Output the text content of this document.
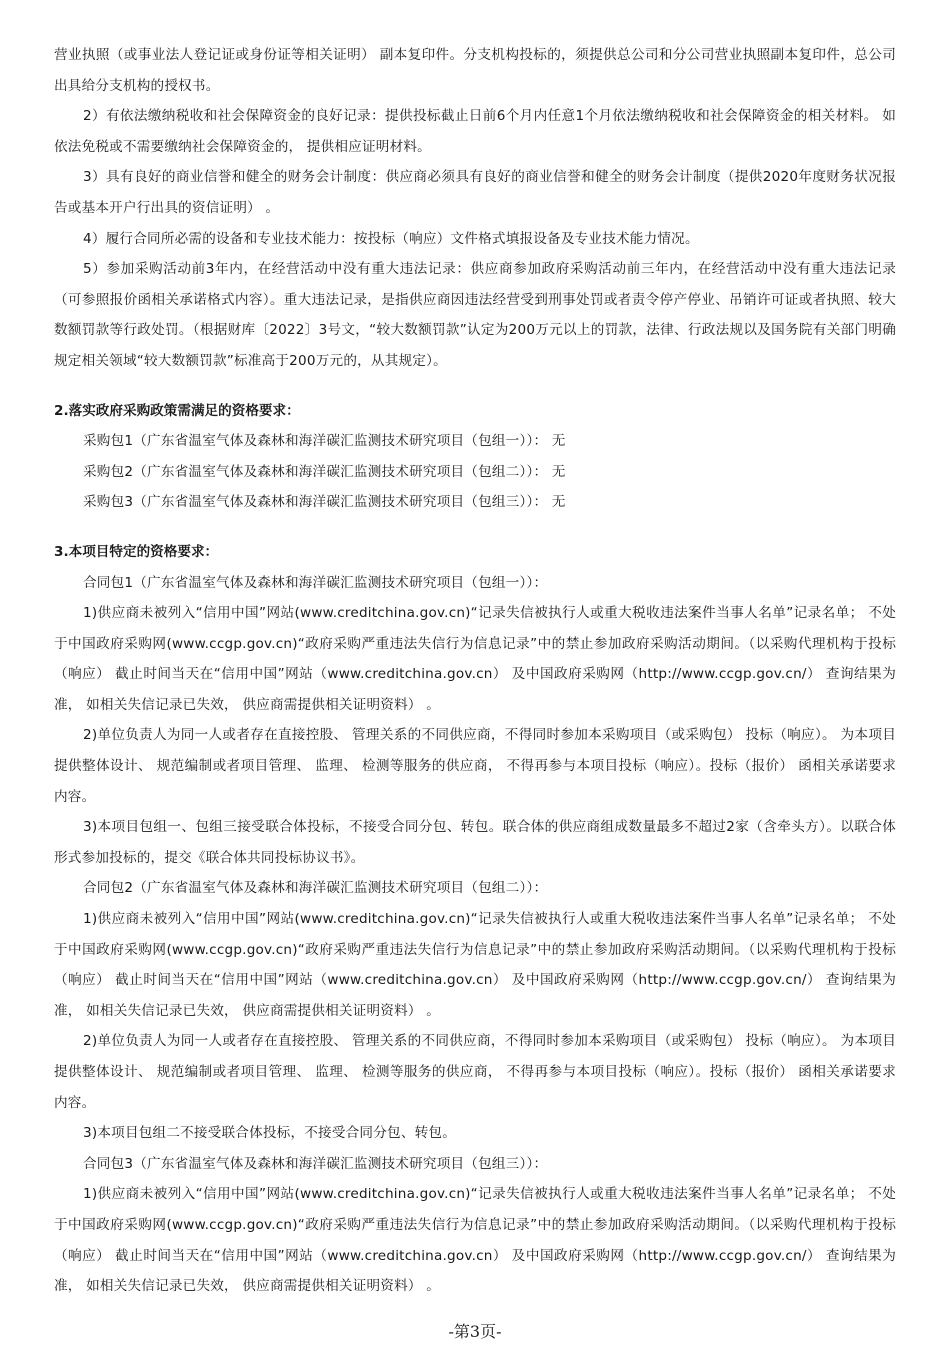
营业执照（或事业法人登记证或身份证等相关证明） 副本复印件。分支机构投标的，须提供总公司和分公司营业执照副本复印件，总公司出具给分支机构的授权书。

2）有依法缴纳税收和社会保障资金的良好记录：提供投标截止日前6个月内任意1个月依法缴纳税收和社会保障资金的相关材料。 如依法免税或不需要缴纳社会保障资金的， 提供相应证明材料。

3）具有良好的商业信誉和健全的财务会计制度：供应商必须具有良好的商业信誉和健全的财务会计制度（提供2020年度财务状况报告或基本开户行出具的资信证明） 。

4）履行合同所必需的设备和专业技术能力：按投标（响应）文件格式填报设备及专业技术能力情况。

5）参加采购活动前3年内，在经营活动中没有重大违法记录：供应商参加政府采购活动前三年内，在经营活动中没有重大违法记录（可参照报价函相关承诺格式内容）。重大违法记录，是指供应商因违法经营受到刑事处罚或者责令停产停业、吊销许可证或者执照、较大数额罚款等行政处罚。（根据财库〔2022〕3号文，“较大数额罚款”认定为200万元以上的罚款，法律、行政法规以及国务院有关部门明确规定相关领域“较大数额罚款”标准高于200万元的，从其规定）。

2.落实政府采购政策需满足的资格要求：

采购包1（广东省温室气体及森林和海洋碳汇监测技术研究项目（包组一））： 无

采购包2（广东省温室气体及森林和海洋碳汇监测技术研究项目（包组二））： 无

采购包3（广东省温室气体及森林和海洋碳汇监测技术研究项目（包组三））： 无

3.本项目特定的资格要求：

合同包1（广东省温室气体及森林和海洋碳汇监测技术研究项目（包组一））：

1)供应商未被列入“信用中国”网站(www.creditchina.gov.cn)“记录失信被执行人或重大税收违法案件当事人名单”记录名单； 不处于中国政府采购网(www.ccgp.gov.cn)“政府采购严重违法失信行为信息记录”中的禁止参加政府采购活动期间。（以采购代理机构于投标（响应） 截止时间当天在“信用中国”网站（www.creditchina.gov.cn） 及中国政府采购网（http://www.ccgp.gov.cn/） 查询结果为准， 如相关失信记录已失效， 供应商需提供相关证明资料） 。

2)单位负责人为同一人或者存在直接控股、 管理关系的不同供应商，不得同时参加本采购项目（或采购包） 投标（响应）。 为本项目提供整体设计、 规范编制或者项目管理、 监理、 检测等服务的供应商， 不得再参与本项目投标（响应）。投标（报价） 函相关承诺要求内容。

3)本项目包组一、包组三接受联合体投标，不接受合同分包、转包。联合体的供应商组成数量最多不超过2家（含牵头方）。以联合体形式参加投标的，提交《联合体共同投标协议书》。

合同包2（广东省温室气体及森林和海洋碳汇监测技术研究项目（包组二））：

1)供应商未被列入“信用中国”网站(www.creditchina.gov.cn)“记录失信被执行人或重大税收违法案件当事人名单”记录名单； 不处于中国政府采购网(www.ccgp.gov.cn)“政府采购严重违法失信行为信息记录”中的禁止参加政府采购活动期间。（以采购代理机构于投标（响应） 截止时间当天在“信用中国”网站（www.creditchina.gov.cn） 及中国政府采购网（http://www.ccgp.gov.cn/） 查询结果为准， 如相关失信记录已失效， 供应商需提供相关证明资料） 。

2)单位负责人为同一人或者存在直接控股、 管理关系的不同供应商，不得同时参加本采购项目（或采购包） 投标（响应）。 为本项目提供整体设计、 规范编制或者项目管理、 监理、 检测等服务的供应商， 不得再参与本项目投标（响应）。投标（报价） 函相关承诺要求内容。

3)本项目包组二不接受联合体投标，不接受合同分包、转包。

合同包3（广东省温室气体及森林和海洋碳汇监测技术研究项目（包组三））：

1)供应商未被列入“信用中国”网站(www.creditchina.gov.cn)“记录失信被执行人或重大税收违法案件当事人名单”记录名单； 不处于中国政府采购网(www.ccgp.gov.cn)“政府采购严重违法失信行为信息记录”中的禁止参加政府采购活动期间。（以采购代理机构于投标（响应） 截止时间当天在“信用中国”网站（www.creditchina.gov.cn） 及中国政府采购网（http://www.ccgp.gov.cn/） 查询结果为准， 如相关失信记录已失效， 供应商需提供相关证明资料） 。

-第3页-
